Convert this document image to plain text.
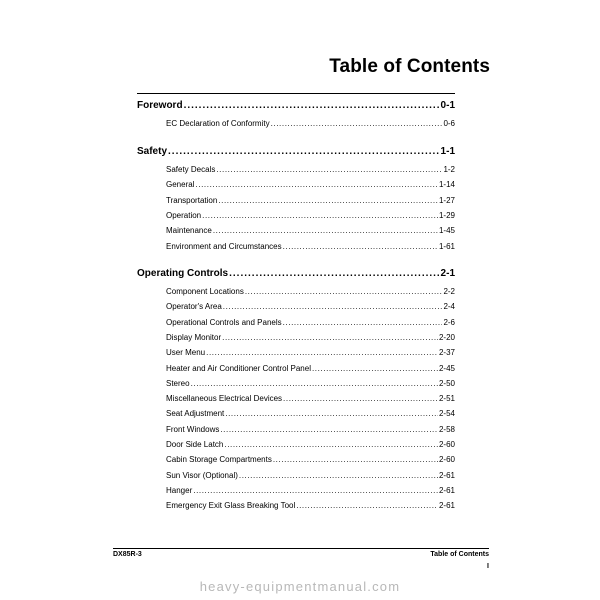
Table of Contents
Foreword .....	0-1
EC Declaration of Conformity .....	0-6
Safety .....	1-1
Safety Decals .....	1-2
General .....	1-14
Transportation .....	1-27
Operation .....	1-29
Maintenance .....	1-45
Environment and Circumstances .....	1-61
Operating Controls .....	2-1
Component Locations .....	2-2
Operator's Area .....	2-4
Operational Controls and Panels .....	2-6
Display Monitor .....	2-20
User Menu .....	2-37
Heater and Air Conditioner Control Panel .....	2-45
Stereo .....	2-50
Miscellaneous Electrical Devices .....	2-51
Seat Adjustment .....	2-54
Front Windows .....	2-58
Door Side Latch .....	2-60
Cabin Storage Compartments .....	2-60
Sun Visor (Optional) .....	2-61
Hanger .....	2-61
Emergency Exit Glass Breaking Tool .....	2-61
DX85R-3	Table of Contents
I
heavy-equipmentmanual.com
